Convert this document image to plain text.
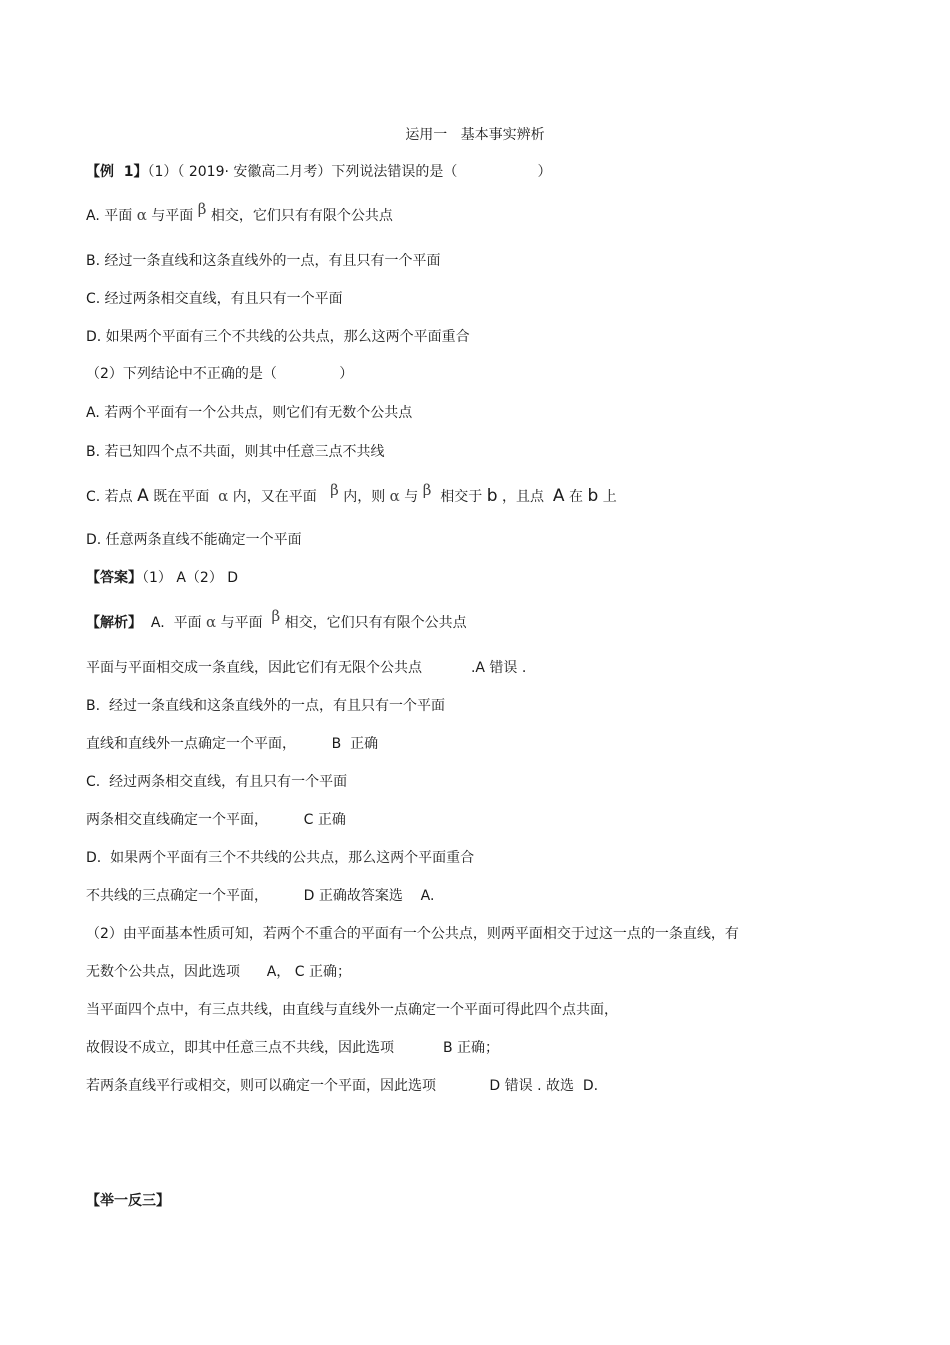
运用一   基本事实辨析
【例  1】（1）（ 2019· 安徽高二月考）下列说法错误的是（                  ）
A. 平面 α 与平面 β 相交，它们只有有限个公共点
B. 经过一条直线和这条直线外的一点，有且只有一个平面
C. 经过两条相交直线，有且只有一个平面
D. 如果两个平面有三个不共线的公共点，那么这两个平面重合
（2）下列结论中不正确的是（              ）
A. 若两个平面有一个公共点，则它们有无数个公共点
B. 若已知四个点不共面，则其中任意三点不共线
C. 若点 A 既在平面  α 内，又在平面   β 内，则 α 与 β  相交于 b ，且点  A 在 b 上
D. 任意两条直线不能确定一个平面
【答案】（1） A（2） D
【解析】  A.  平面 α 与平面  β 相交，它们只有有限个公共点
平面与平面相交成一条直线，因此它们有无限个公共点           .A 错误 .
B.  经过一条直线和这条直线外的一点，有且只有一个平面
直线和直线外一点确定一个平面，        B  正确
C.  经过两条相交直线，有且只有一个平面
两条相交直线确定一个平面，        C 正确
D.  如果两个平面有三个不共线的公共点，那么这两个平面重合
不共线的三点确定一个平面，        D 正确故答案选    A.
（2）由平面基本性质可知，若两个不重合的平面有一个公共点，则两平面相交于过这一点的一条直线，有
无数个公共点，因此选项      A， C 正确；
当平面四个点中，有三点共线，由直线与直线外一点确定一个平面可得此四个点共面，
故假设不成立，即其中任意三点不共线，因此选项           B 正确；
若两条直线平行或相交，则可以确定一个平面，因此选项            D 错误 . 故选  D.
【举一反三】
